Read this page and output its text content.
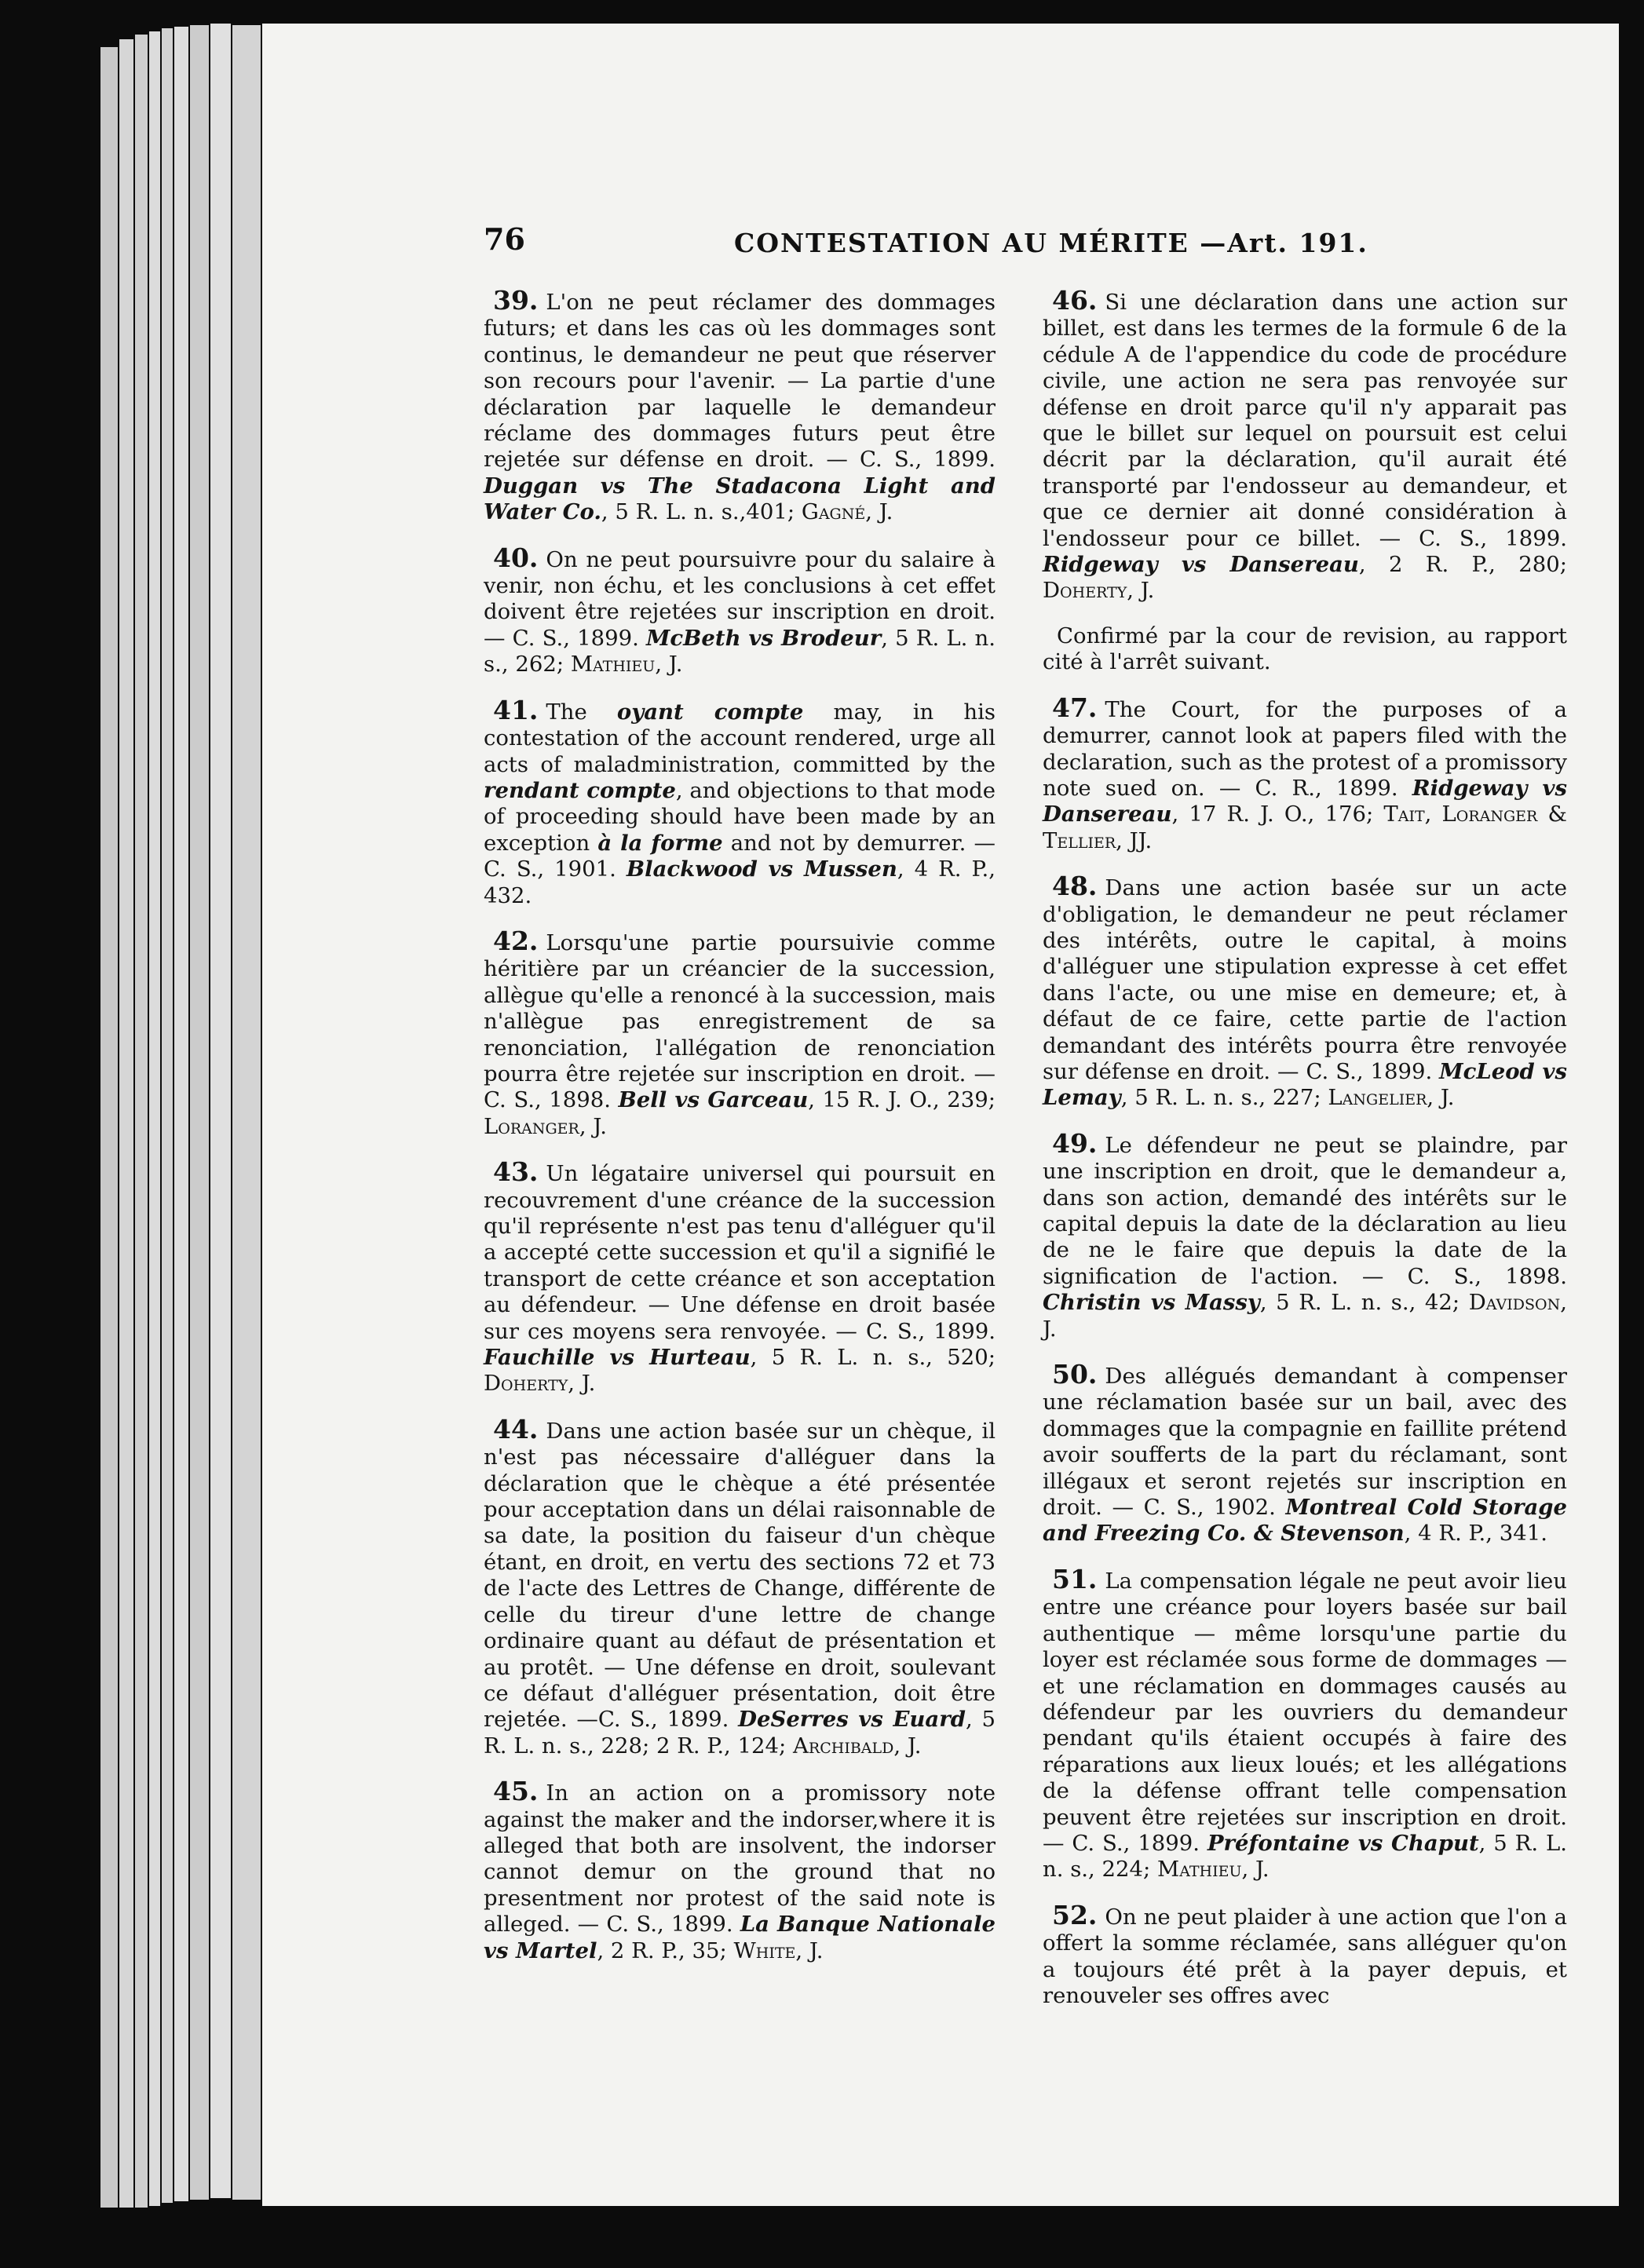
76	CONTESTATION AU MÉRITE —Art. 191.

39. L'on ne peut réclamer des dommages futurs; et dans les cas où les dommages sont continus, le demandeur ne peut que réserver son recours pour l'avenir. — La partie d'une déclaration par laquelle le demandeur réclame des dommages futurs peut être rejetée sur défense en droit. — C. S., 1899. Duggan vs The Stadacona Light and Water Co., 5 R. L. n. s.,401; Gagné, J.

40. On ne peut poursuivre pour du salaire à venir, non échu, et les conclusions à cet effet doivent être rejetées sur inscription en droit. — C. S., 1899. McBeth vs Brodeur, 5 R. L. n. s., 262; Mathieu, J.

41. The oyant compte may, in his contestation of the account rendered, urge all acts of maladministration, committed by the rendant compte, and objections to that mode of proceeding should have been made by an exception à la forme and not by demurrer. — C. S., 1901. Blackwood vs Mussen, 4 R. P., 432.

42. Lorsqu'une partie poursuivie comme héritière par un créancier de la succession, allègue qu'elle a renoncé à la succession, mais n'allègue pas enregistrement de sa renonciation, l'allégation de renonciation pourra être rejetée sur inscription en droit. — C. S., 1898. Bell vs Garceau, 15 R. J. O., 239; Loranger, J.

43. Un légataire universel qui poursuit en recouvrement d'une créance de la succession qu'il représente n'est pas tenu d'alléguer qu'il a accepté cette succession et qu'il a signifié le transport de cette créance et son acceptation au défendeur. — Une défense en droit basée sur ces moyens sera renvoyée. — C. S., 1899. Fauchille vs Hurteau, 5 R. L. n. s., 520; Doherty, J.

44. Dans une action basée sur un chèque, il n'est pas nécessaire d'alléguer dans la déclaration que le chèque a été présentée pour acceptation dans un délai raisonnable de sa date, la position du faiseur d'un chèque étant, en droit, en vertu des sections 72 et 73 de l'acte des Lettres de Change, différente de celle du tireur d'une lettre de change ordinaire quant au défaut de présentation et au protêt. — Une défense en droit, soulevant ce défaut d'alléguer présentation, doit être rejetée. —C. S., 1899. DeSerres vs Euard, 5 R. L. n. s., 228; 2 R. P., 124; Archibald, J.

45. In an action on a promissory note against the maker and the indorser,where it is alleged that both are insolvent, the indorser cannot demur on the ground that no presentment nor protest of the said note is alleged. — C. S., 1899. La Banque Nationale vs Martel, 2 R. P., 35; White, J.

46. Si une déclaration dans une action sur billet, est dans les termes de la formule 6 de la cédule A de l'appendice du code de procédure civile, une action ne sera pas renvoyée sur défense en droit parce qu'il n'y apparait pas que le billet sur lequel on poursuit est celui décrit par la déclaration, qu'il aurait été transporté par l'endosseur au demandeur, et que ce dernier ait donné considération à l'endosseur pour ce billet. — C. S., 1899. Ridgeway vs Dansereau, 2 R. P., 280; Doherty, J.

Confirmé par la cour de revision, au rapport cité à l'arrêt suivant.

47. The Court, for the purposes of a demurrer, cannot look at papers filed with the declaration, such as the protest of a promissory note sued on. — C. R., 1899. Ridgeway vs Dansereau, 17 R. J. O., 176; Tait, Loranger & Tellier, JJ.

48. Dans une action basée sur un acte d'obligation, le demandeur ne peut réclamer des intérêts, outre le capital, à moins d'alléguer une stipulation expresse à cet effet dans l'acte, ou une mise en demeure; et, à défaut de ce faire, cette partie de l'action demandant des intérêts pourra être renvoyée sur défense en droit. — C. S., 1899. McLeod vs Lemay, 5 R. L. n. s., 227; Langelier, J.

49. Le défendeur ne peut se plaindre, par une inscription en droit, que le demandeur a, dans son action, demandé des intérêts sur le capital depuis la date de la déclaration au lieu de ne le faire que depuis la date de la signification de l'action. — C. S., 1898. Christin vs Massy, 5 R. L. n. s., 42; Davidson, J.

50. Des allégués demandant à compenser une réclamation basée sur un bail, avec des dommages que la compagnie en faillite prétend avoir soufferts de la part du réclamant, sont illégaux et seront rejetés sur inscription en droit. — C. S., 1902. Montreal Cold Storage and Freezing Co. & Stevenson, 4 R. P., 341.

51. La compensation légale ne peut avoir lieu entre une créance pour loyers basée sur bail authentique — même lorsqu'une partie du loyer est réclamée sous forme de dommages — et une réclamation en dommages causés au défendeur par les ouvriers du demandeur pendant qu'ils étaient occupés à faire des réparations aux lieux loués; et les allégations de la défense offrant telle compensation peuvent être rejetées sur inscription en droit. — C. S., 1899. Préfontaine vs Chaput, 5 R. L. n. s., 224; Mathieu, J.

52. On ne peut plaider à une action que l'on a offert la somme réclamée, sans alléguer qu'on a toujours été prêt à la payer depuis, et renouveler ses offres avec
